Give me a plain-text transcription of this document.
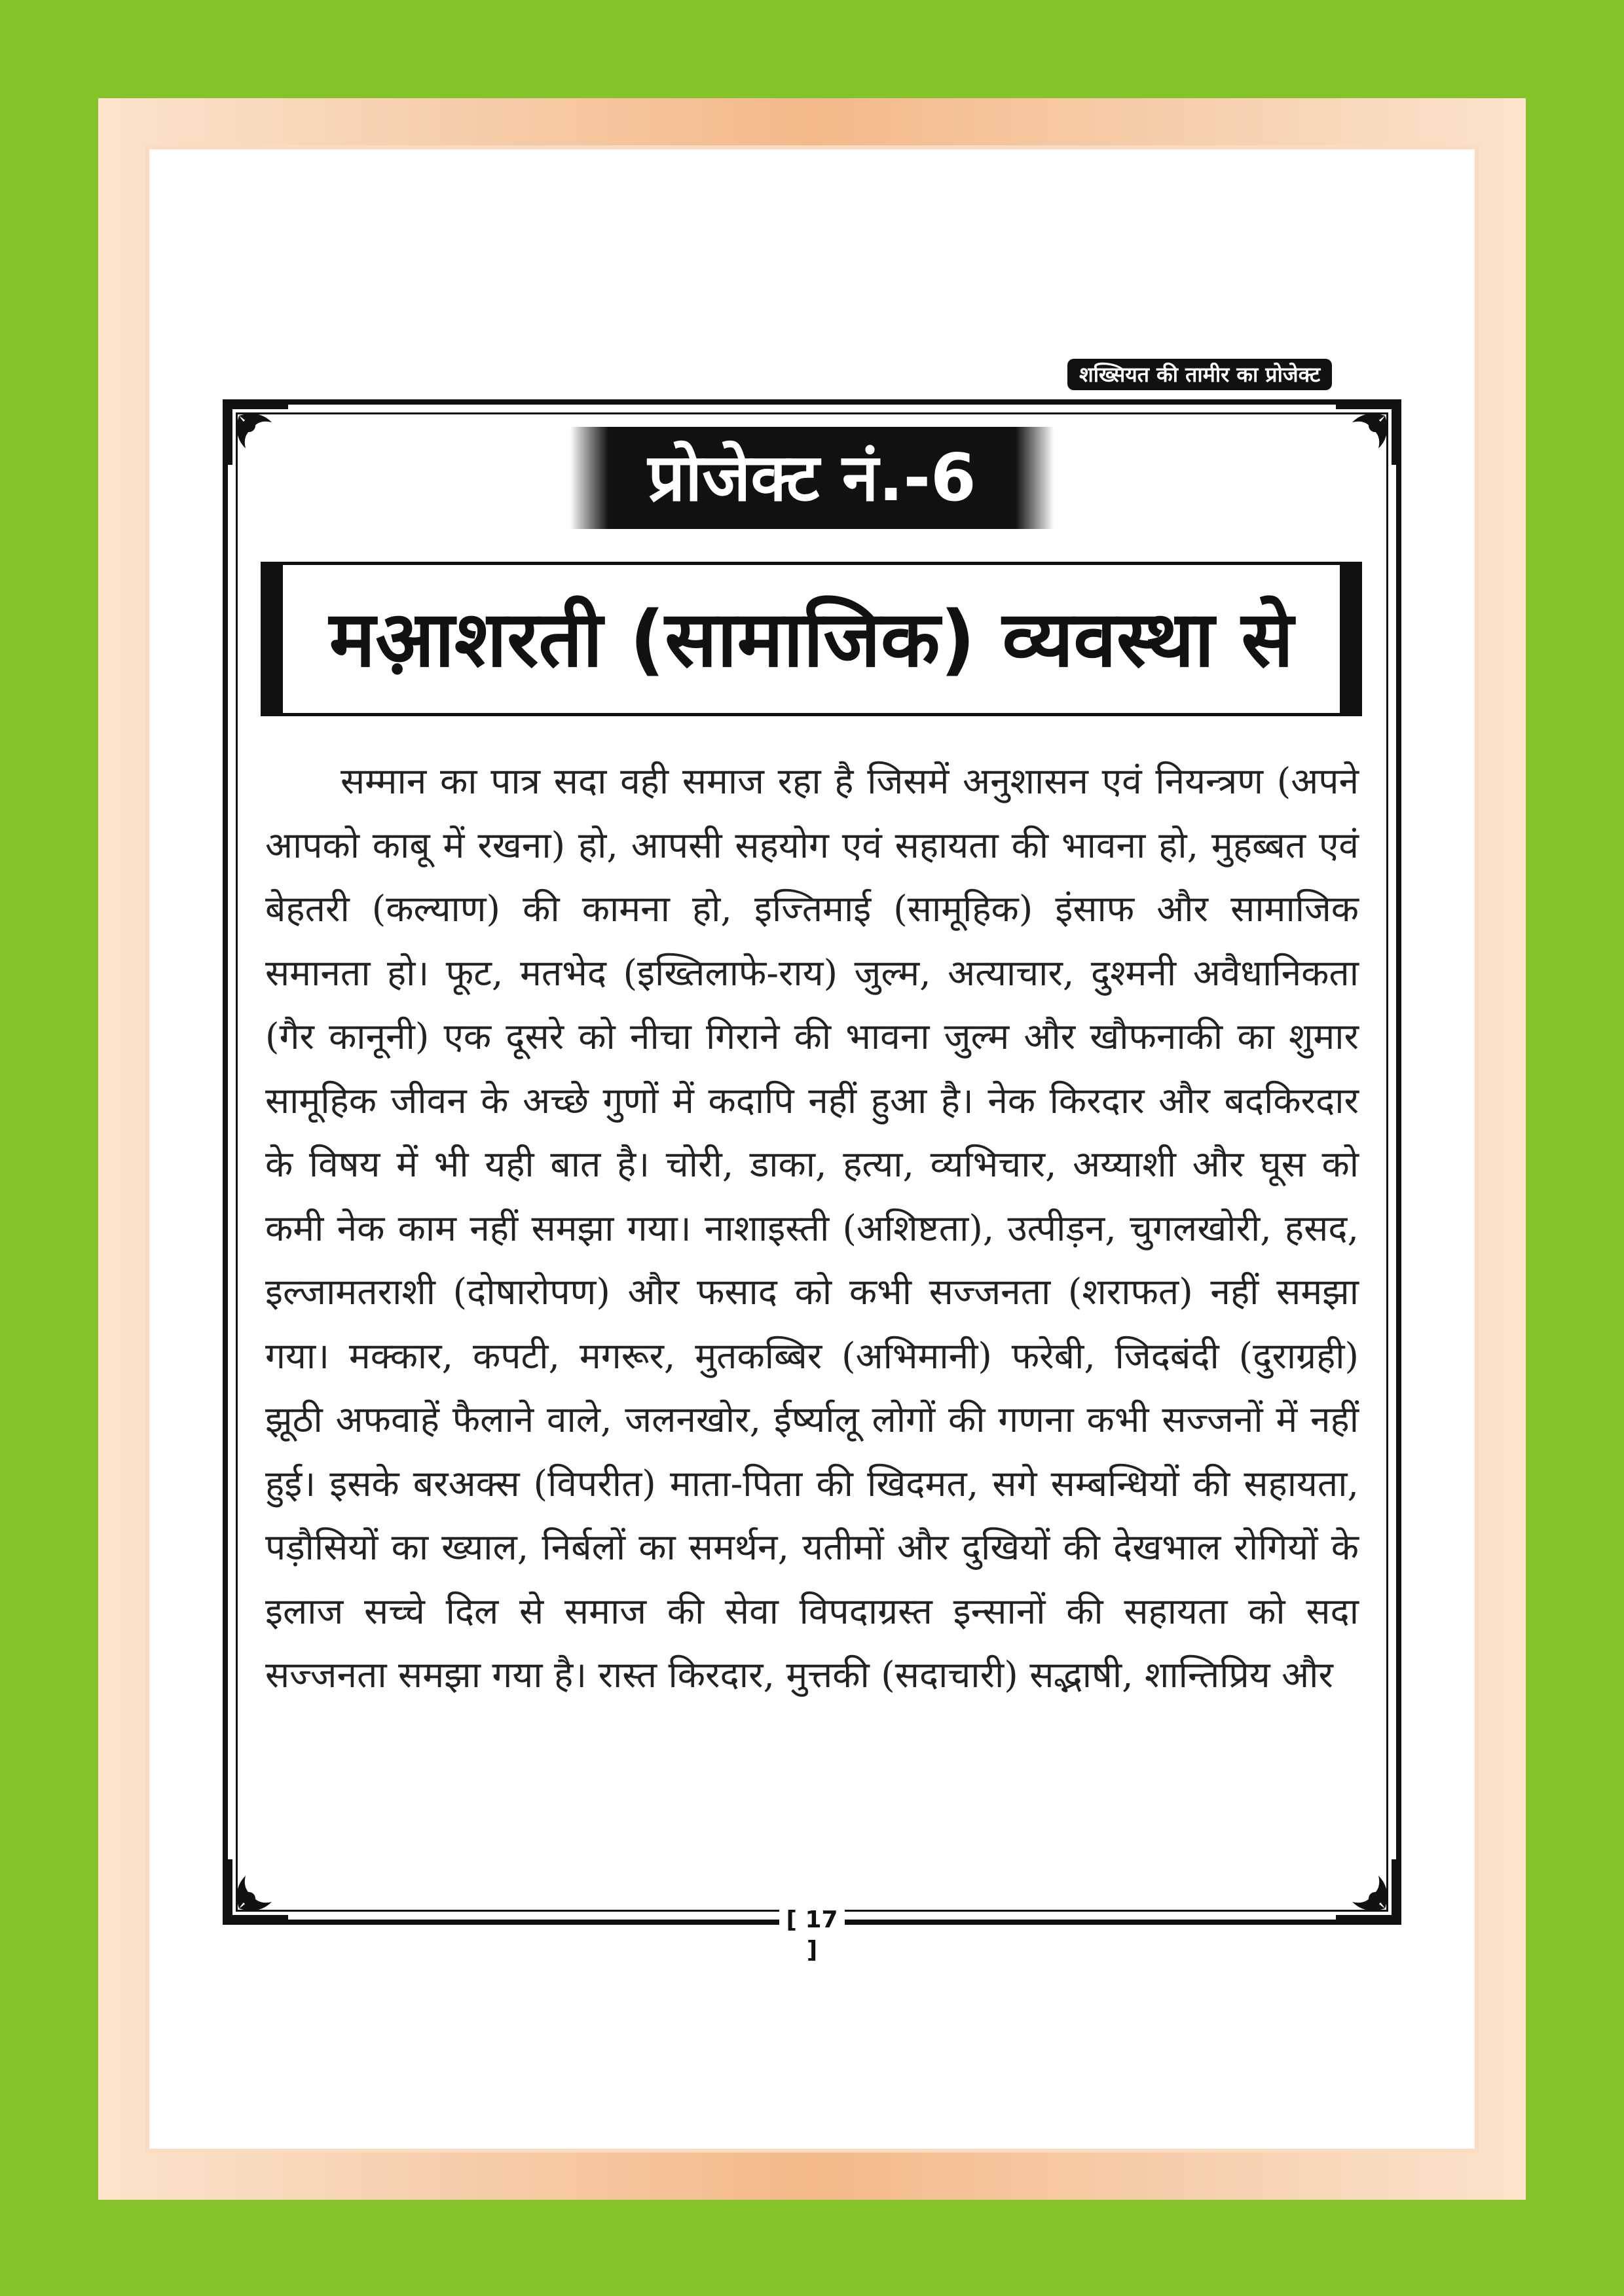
शख्सियत की तामीर का प्रोजेक्ट
प्रोजेक्ट नं.-6
मआ़शरती (सामाजिक) व्यवस्था से
सम्मान का पात्र सदा वही समाज रहा है जिसमें अनुशासन एवं नियन्त्रण (अपने आपको काबू में रखना) हो, आपसी सहयोग एवं सहायता की भावना हो, मुहब्बत एवं बेहतरी (कल्याण) की कामना हो, इज्तिमाई (सामूहिक) इंसाफ और सामाजिक समानता हो। फूट, मतभेद (इख्तिलाफे-राय) जुल्म, अत्याचार, दुश्मनी अवैधानिकता (गैर कानूनी) एक दूसरे को नीचा गिराने की भावना जुल्म और खौफनाकी का शुमार सामूहिक जीवन के अच्छे गुणों में कदापि नहीं हुआ है। नेक किरदार और बदकिरदार के विषय में भी यही बात है। चोरी, डाका, हत्या, व्यभिचार, अय्याशी और घूस को कमी नेक काम नहीं समझा गया। नाशाइस्ती (अशिष्टता), उत्पीड़न, चुगलखोरी, हसद, इल्जामतराशी (दोषारोपण) और फसाद को कभी सज्जनता (शराफत) नहीं समझा गया। मक्कार, कपटी, मगरूर, मुतकब्बिर (अभिमानी) फरेबी, जिदबंदी (दुराग्रही) झूठी अफवाहें फैलाने वाले, जलनखोर, ईर्ष्यालू लोगों की गणना कभी सज्जनों में नहीं हुई। इसके बरअक्स (विपरीत) माता-पिता की खिदमत, सगे सम्बन्धियों की सहायता, पड़ौसियों का ख्याल, निर्बलों का समर्थन, यतीमों और दुखियों की देखभाल रोगियों के इलाज सच्चे दिल से समाज की सेवा विपदाग्रस्त इन्सानों की सहायता को सदा सज्जनता समझा गया है। रास्त किरदार, मुत्तकी (सदाचारी) सद्भाषी, शान्तिप्रिय और
[ 17 ]
